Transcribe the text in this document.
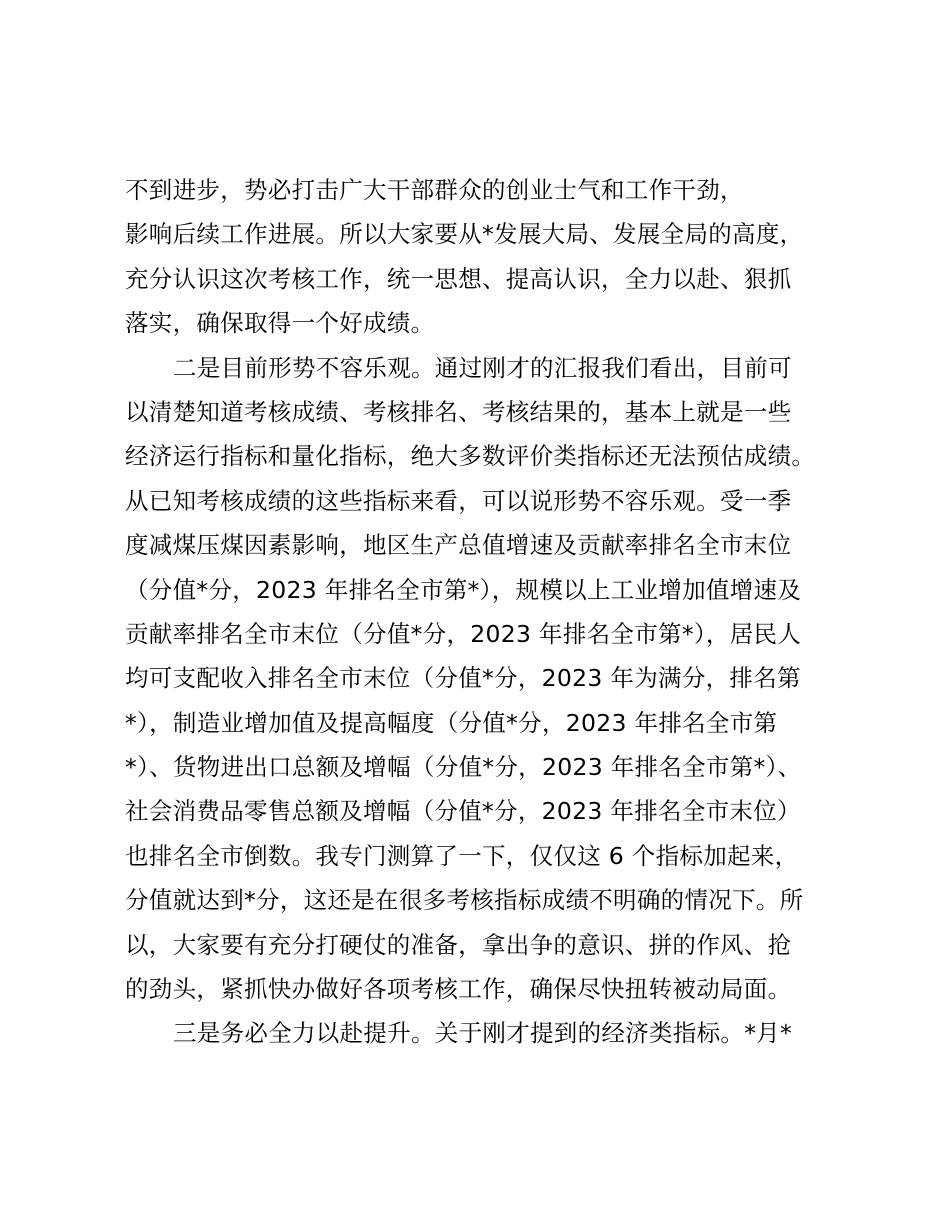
不到进步，势必打击广大干部群众的创业士气和工作干劲，
影响后续工作进展。所以大家要从*发展大局、发展全局的高度，
充分认识这次考核工作，统一思想、提高认识，全力以赴、狠抓
落实，确保取得一个好成绩。
二是目前形势不容乐观。通过刚才的汇报我们看出，目前可
以清楚知道考核成绩、考核排名、考核结果的，基本上就是一些
经济运行指标和量化指标，绝大多数评价类指标还无法预估成绩。
从已知考核成绩的这些指标来看，可以说形势不容乐观。受一季
度减煤压煤因素影响，地区生产总值增速及贡献率排名全市末位
（分值*分，2023 年排名全市第*），规模以上工业增加值增速及
贡献率排名全市末位（分值*分，2023 年排名全市第*），居民人
均可支配收入排名全市末位（分值*分，2023 年为满分，排名第
*），制造业增加值及提高幅度（分值*分，2023 年排名全市第
*）、货物进出口总额及增幅（分值*分，2023 年排名全市第*）、
社会消费品零售总额及增幅（分值*分，2023 年排名全市末位）
也排名全市倒数。我专门测算了一下，仅仅这 6 个指标加起来，
分值就达到*分，这还是在很多考核指标成绩不明确的情况下。所
以，大家要有充分打硬仗的准备，拿出争的意识、拼的作风、抢
的劲头，紧抓快办做好各项考核工作，确保尽快扭转被动局面。
三是务必全力以赴提升。关于刚才提到的经济类指标。*月*
